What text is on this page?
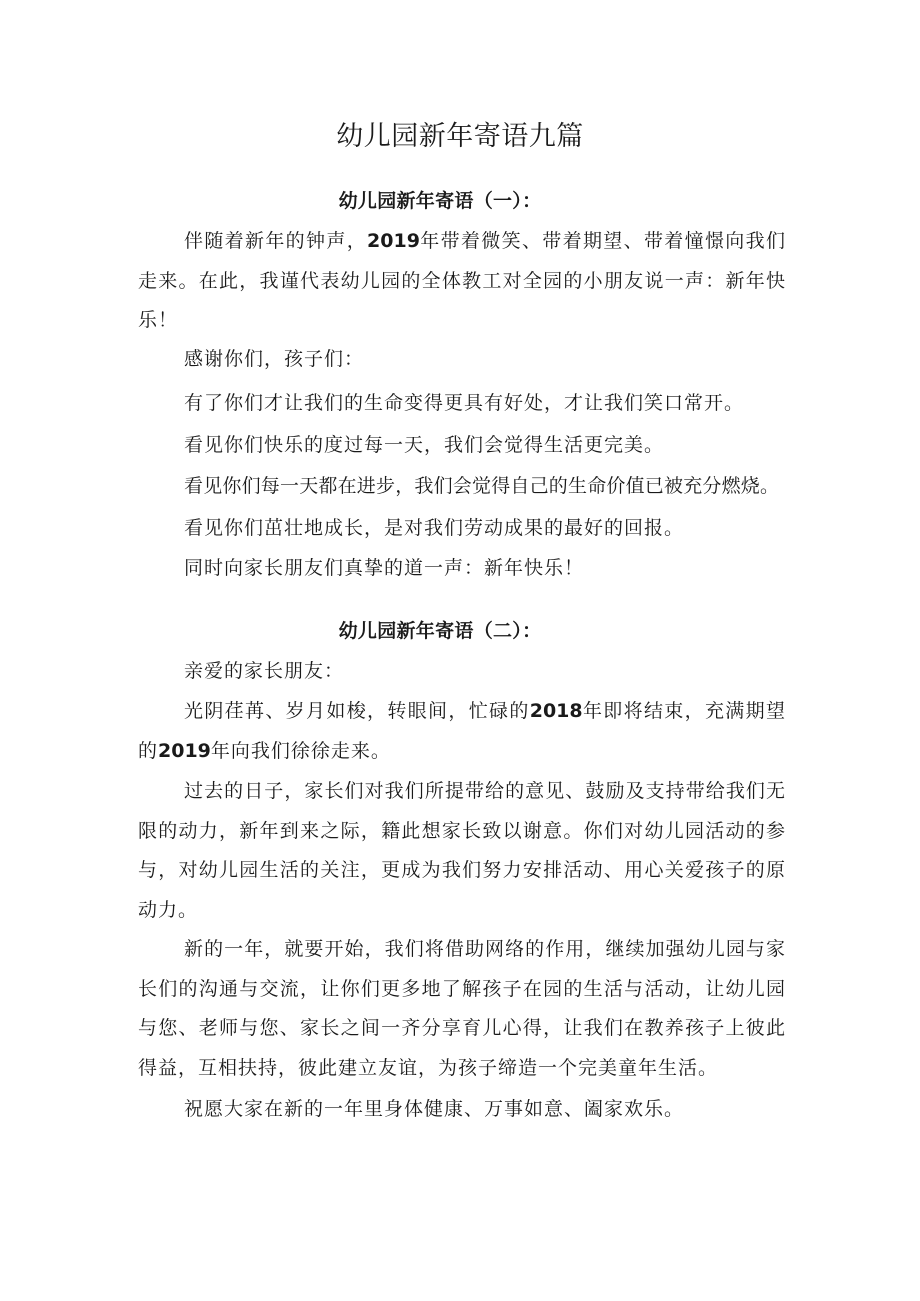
幼儿园新年寄语九篇
幼儿园新年寄语（一）：

伴随着新年的钟声，2019年带着微笑、带着期望、带着憧憬向我们走来。在此，我谨代表幼儿园的全体教工对全园的小朋友说一声：新年快乐！

感谢你们，孩子们：

有了你们才让我们的生命变得更具有好处，才让我们笑口常开。

看见你们快乐的度过每一天，我们会觉得生活更完美。

看见你们每一天都在进步，我们会觉得自己的生命价值已被充分燃烧。

看见你们茁壮地成长，是对我们劳动成果的最好的回报。

同时向家长朋友们真挚的道一声：新年快乐！

幼儿园新年寄语（二）：

亲爱的家长朋友：

光阴荏苒、岁月如梭，转眼间，忙碌的2018年即将结束，充满期望的2019年向我们徐徐走来。

过去的日子，家长们对我们所提带给的意见、鼓励及支持带给我们无限的动力，新年到来之际，籍此想家长致以谢意。你们对幼儿园活动的参与，对幼儿园生活的关注，更成为我们努力安排活动、用心关爱孩子的原动力。

新的一年，就要开始，我们将借助网络的作用，继续加强幼儿园与家长们的沟通与交流，让你们更多地了解孩子在园的生活与活动，让幼儿园与您、老师与您、家长之间一齐分享育儿心得，让我们在教养孩子上彼此得益，互相扶持，彼此建立友谊，为孩子缔造一个完美童年生活。

祝愿大家在新的一年里身体健康、万事如意、阖家欢乐。
